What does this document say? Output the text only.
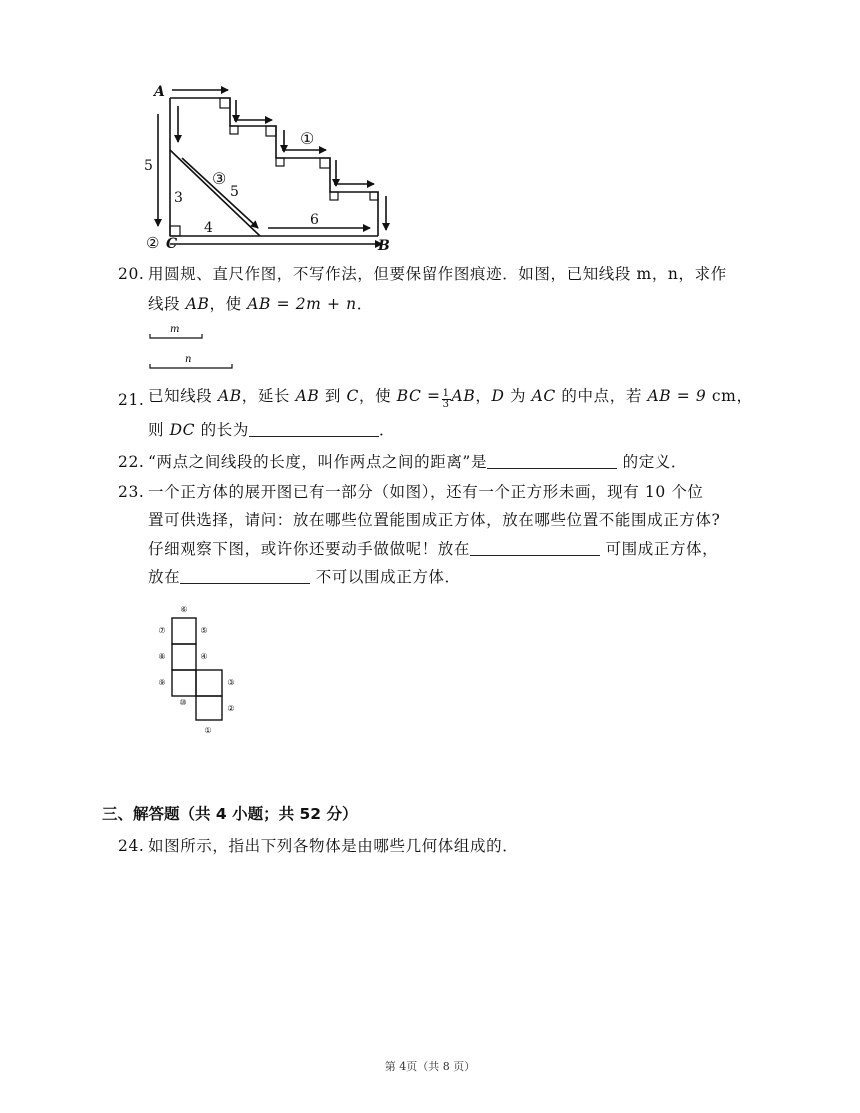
A
B
C
5
3
4
5
6
①
②
③
20. 用圆规、直尺作图，不写作法，但要保留作图痕迹．如图，已知线段 m，n，求作
线段 AB，使 AB = 2m + n．
m
n
21. 已知线段 AB，延长 AB 到 C，使 BC = $\frac{1}{3}$ AB，D 为 AC 的中点，若 AB = 9 cm，
则 DC 的长为	．
22. “两点之间线段的长度，叫作两点之间的距离”是	的定义．
23. 一个正方体的展开图已有一部分（如图），还有一个正方形未画，现有 10 个位
置可供选择，请问：放在哪些位置能围成正方体，放在哪些位置不能围成正方体?
仔细观察下图，或许你还要动手做做呢！放在	可围成正方体，
放在	不可以围成正方体．
⑥
⑦	⑤
⑧	④
⑨	③
⑩
②
①
三、解答题（共 4 小题；共 52 分）
24. 如图所示，指出下列各物体是由哪些几何体组成的．
第 4页（共 8 页）
